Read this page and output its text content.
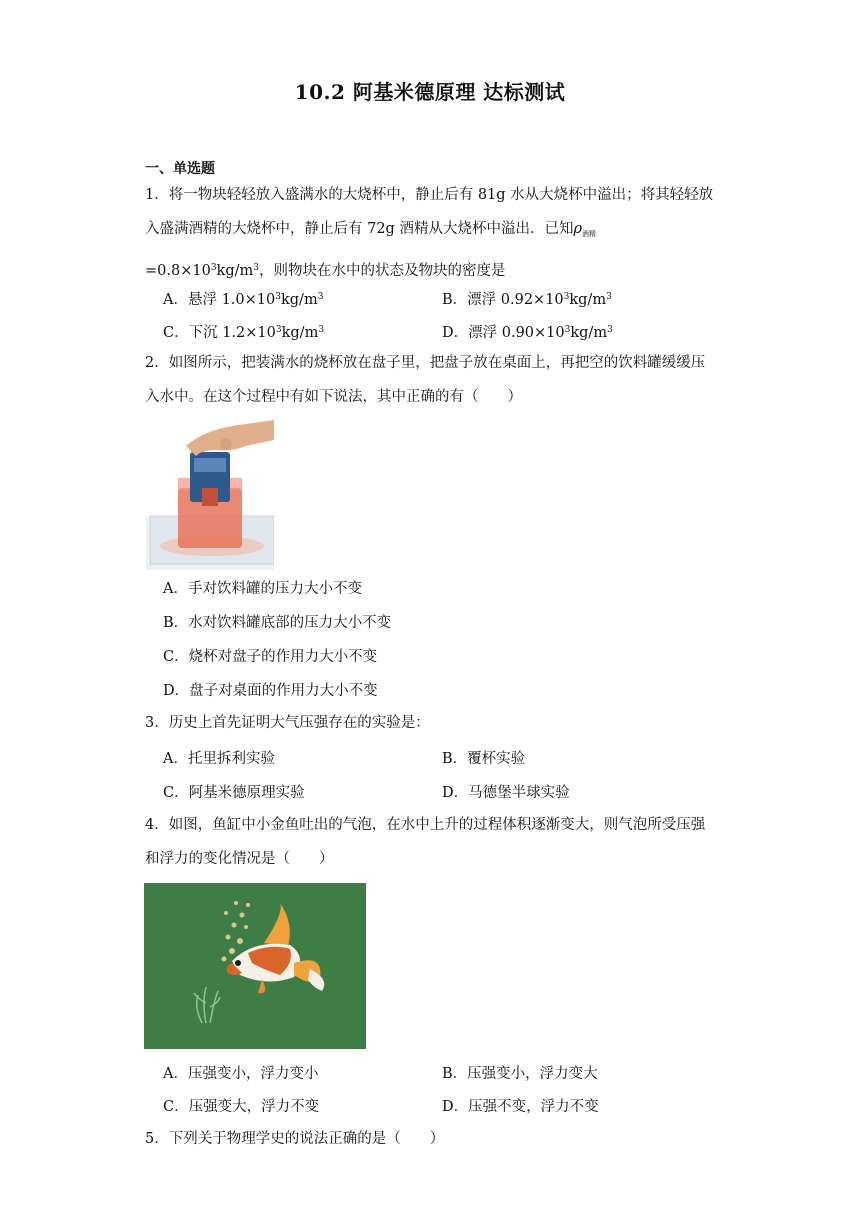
10.2 阿基米德原理 达标测试
一、单选题

1．将一物块轻轻放入盛满水的大烧杯中，静止后有 81g 水从大烧杯中溢出；将其轻轻放入盛满酒精的大烧杯中，静止后有 72g 酒精从大烧杯中溢出．已知$\rho_{酒精}=0.8\times 10^3kg/m^3$，则物块在水中的状态及物块的密度是

A．悬浮 $1.0\times 10^3kg/m^3$	B．漂浮 $0.92\times 10^3kg/m^3$
C．下沉 $1.2\times 10^3kg/m^3$	D．漂浮 $0.90\times 10^3kg/m^3$

2．如图所示，把装满水的烧杯放在盘子里，把盘子放在桌面上，再把空的饮料罐缓缓压入水中。在这个过程中有如下说法，其中正确的有（　　）

A．手对饮料罐的压力大小不变
B．水对饮料罐底部的压力大小不变
C．烧杯对盘子的作用力大小不变
D．盘子对桌面的作用力大小不变

3．历史上首先证明大气压强存在的实验是：

A．托里拆利实验	B．覆杯实验
C．阿基米德原理实验	D．马德堡半球实验

4．如图，鱼缸中小金鱼吐出的气泡，在水中上升的过程体积逐渐变大，则气泡所受压强和浮力的变化情况是（　　）

A．压强变小，浮力变小	B．压强变小，浮力变大
C．压强变大，浮力不变	D．压强不变，浮力不变

5．下列关于物理学史的说法正确的是（　　）
